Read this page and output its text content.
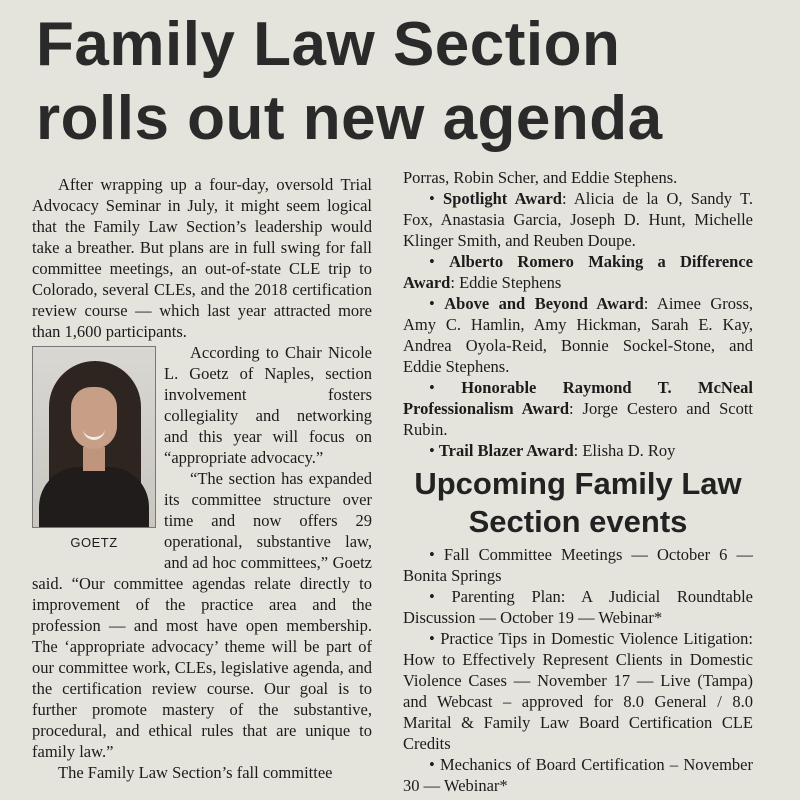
Family Law Section
rolls out new agenda

After wrapping up a four-day, oversold Trial Advocacy Seminar in July, it might seem logical that the Family Law Section’s leadership would take a breather. But plans are in full swing for fall committee meetings, an out-of-state CLE trip to Colorado, several CLEs, and the 2018 certification review course — which last year attracted more than 1,600 participants.

GOETZ

According to Chair Nicole L. Goetz of Naples, section involvement fosters collegiality and networking and this year will focus on “appropriate advocacy.”

“The section has expanded its committee structure over time and now offers 29 operational, substantive law, and ad hoc committees,” Goetz said. “Our committee agendas relate directly to improvement of the practice area and the profession — and most have open membership. The ‘appropriate advocacy’ theme will be part of our committee work, CLEs, legislative agenda, and the certification review course. Our goal is to further promote mastery of the substantive, procedural, and ethical rules that are unique to family law.”

The Family Law Section’s fall committee

Porras, Robin Scher, and Eddie Stephens.

• Spotlight Award: Alicia de la O, Sandy T. Fox, Anastasia Garcia, Joseph D. Hunt, Michelle Klinger Smith, and Reuben Doupe.

• Alberto Romero Making a Difference Award: Eddie Stephens

• Above and Beyond Award: Aimee Gross, Amy C. Hamlin, Amy Hickman, Sarah E. Kay, Andrea Oyola-Reid, Bonnie Sockel-Stone, and Eddie Stephens.

• Honorable Raymond T. McNeal Professionalism Award: Jorge Cestero and Scott Rubin.

• Trail Blazer Award: Elisha D. Roy

Upcoming Family Law Section events

• Fall Committee Meetings — October 6 — Bonita Springs

• Parenting Plan: A Judicial Roundtable Discussion — October 19 — Webinar*

• Practice Tips in Domestic Violence Litigation: How to Effectively Represent Clients in Domestic Violence Cases — November 17 — Live (Tampa) and Webcast – approved for 8.0 General / 8.0 Marital & Family Law Board Certification CLE Credits

• Mechanics of Board Certification – November 30 — Webinar*
